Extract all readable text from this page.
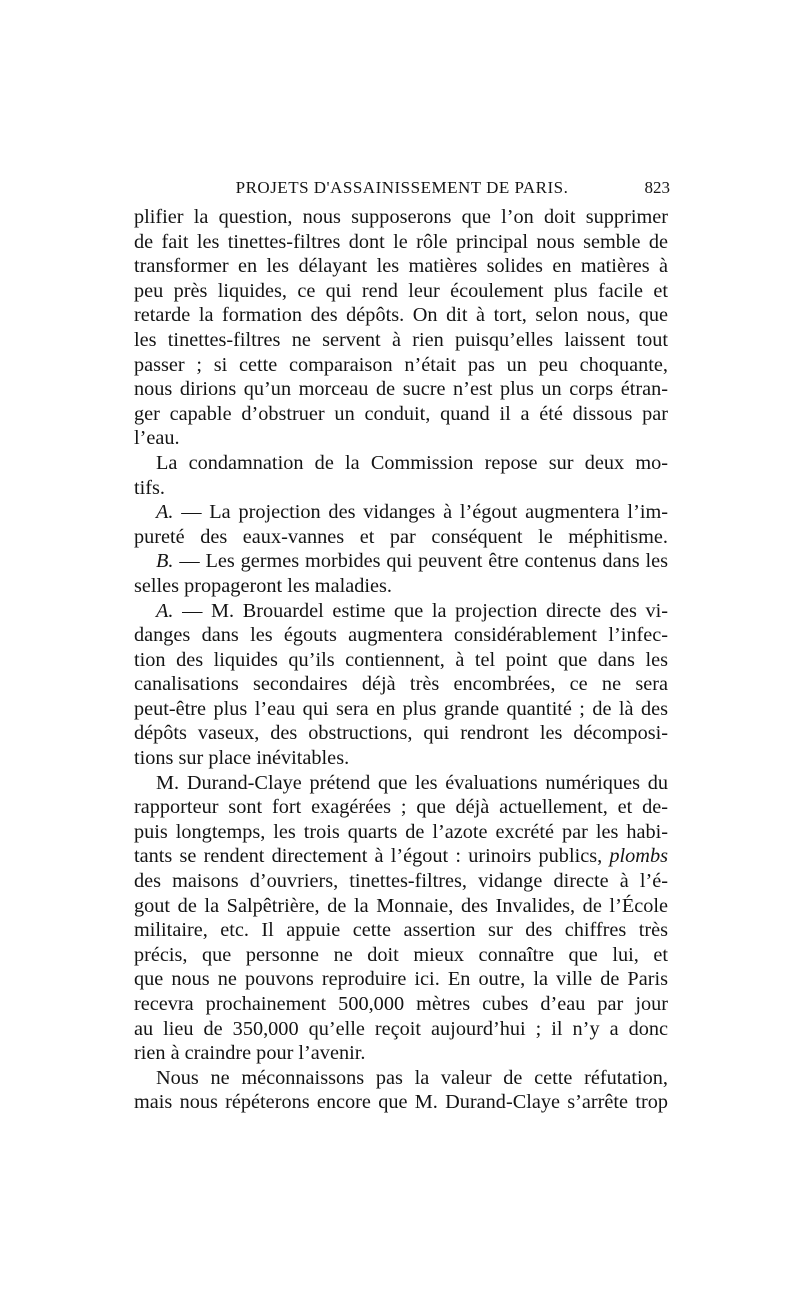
PROJETS D'ASSAINISSEMENT DE PARIS.	823
plifier la question, nous supposerons que l’on doit supprimer
de fait les tinettes-filtres dont le rôle principal nous semble de
transformer en les délayant les matières solides en matières à
peu près liquides, ce qui rend leur écoulement plus facile et
retarde la formation des dépôts. On dit à tort, selon nous, que
les tinettes-filtres ne servent à rien puisqu’elles laissent tout
passer ; si cette comparaison n’était pas un peu choquante,
nous dirions qu’un morceau de sucre n’est plus un corps étran-
ger capable d’obstruer un conduit, quand il a été dissous par
l’eau.
La condamnation de la Commission repose sur deux mo-
tifs.
A. — La projection des vidanges à l’égout augmentera l’im-
pureté des eaux-vannes et par conséquent le méphitisme.
B. — Les germes morbides qui peuvent être contenus dans les
selles propageront les maladies.
A. — M. Brouardel estime que la projection directe des vi-
danges dans les égouts augmentera considérablement l’infec-
tion des liquides qu’ils contiennent, à tel point que dans les
canalisations secondaires déjà très encombrées, ce ne sera
peut-être plus l’eau qui sera en plus grande quantité ; de là des
dépôts vaseux, des obstructions, qui rendront les décomposi-
tions sur place inévitables.
M. Durand-Claye prétend que les évaluations numériques du
rapporteur sont fort exagérées ; que déjà actuellement, et de-
puis longtemps, les trois quarts de l’azote excrété par les habi-
tants se rendent directement à l’égout : urinoirs publics, plombs
des maisons d’ouvriers, tinettes-filtres, vidange directe à l’é-
gout de la Salpêtrière, de la Monnaie, des Invalides, de l’École
militaire, etc. Il appuie cette assertion sur des chiffres très
précis, que personne ne doit mieux connaître que lui, et
que nous ne pouvons reproduire ici. En outre, la ville de Paris
recevra prochainement 500,000 mètres cubes d’eau par jour
au lieu de 350,000 qu’elle reçoit aujourd’hui ; il n’y a donc
rien à craindre pour l’avenir.
Nous ne méconnaissons pas la valeur de cette réfutation,
mais nous répéterons encore que M. Durand-Claye s’arrête trop
